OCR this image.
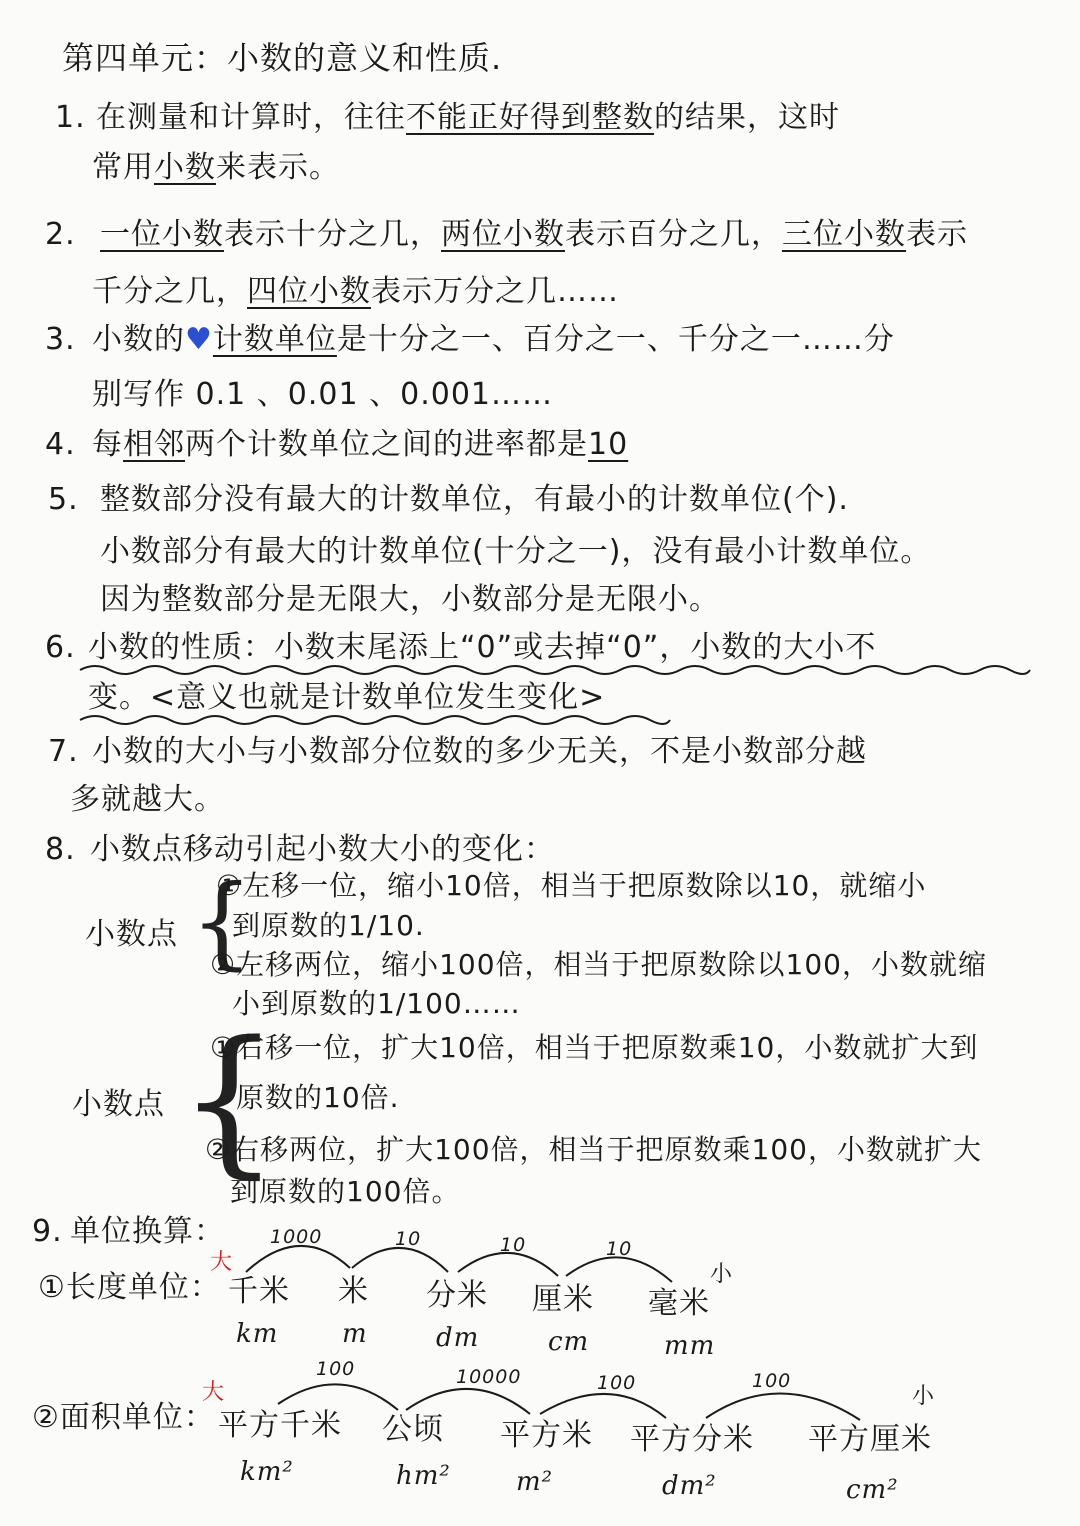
第四单元：小数的意义和性质.
1. 在测量和计算时，往往不能正好得到整数的结果，这时
常用小数来表示。
2. 一位小数表示十分之几，两位小数表示百分之几，三位小数表示
千分之几，四位小数表示万分之几……
3. 小数的♥计数单位是十分之一、百分之一、千分之一……分
别写作 0.1 、0.01 、0.001……
4. 每相邻两个计数单位之间的进率都是10
5. 整数部分没有最大的计数单位，有最小的计数单位(个).
小数部分有最大的计数单位(十分之一)，没有最小计数单位。
因为整数部分是无限大，小数部分是无限小。
6. 小数的性质：小数末尾添上“0”或去掉“0”，小数的大小不
变。<意义也就是计数单位发生变化>
7. 小数的大小与小数部分位数的多少无关，不是小数部分越
多就越大。
8. 小数点移动引起小数大小的变化：
小数点 {
①左移一位，缩小10倍，相当于把原数除以10，就缩小
到原数的1/10.
②左移两位，缩小100倍，相当于把原数除以100，小数就缩
小到原数的1/100……
小数点 {
①右移一位，扩大10倍，相当于把原数乘10，小数就扩大到
原数的10倍.
②右移两位，扩大100倍，相当于把原数乘100，小数就扩大
到原数的100倍。
9. 单位换算：
①长度单位：
大	小
1000	10	10	10
千米 米 分米 厘米 毫米
km m	dm	cm	mm
②面积单位：
大	小
100	10000	100	100
平方千米 公顷 平方米 平方分米 平方厘米
km²	hm²	m²	dm²	cm²
